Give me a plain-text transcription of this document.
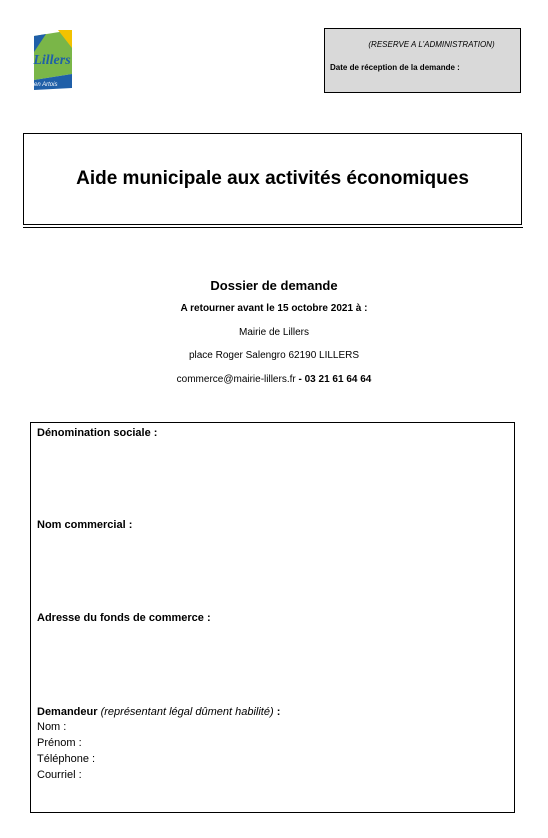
Lillers
en Artois
(RESERVE A L’ADMINISTRATION)
Date de réception de la demande :
Aide municipale aux activités économiques
Dossier de demande
A retourner avant le 15 octobre 2021 à :
Mairie de Lillers
place Roger Salengro 62190 LILLERS
commerce@mairie-lillers.fr - 03 21 61 64 64
Dénomination sociale :
Nom commercial :
Adresse du fonds de commerce :
Demandeur (représentant légal dûment habilité) :
Nom :
Prénom :
Téléphone :
Courriel :
